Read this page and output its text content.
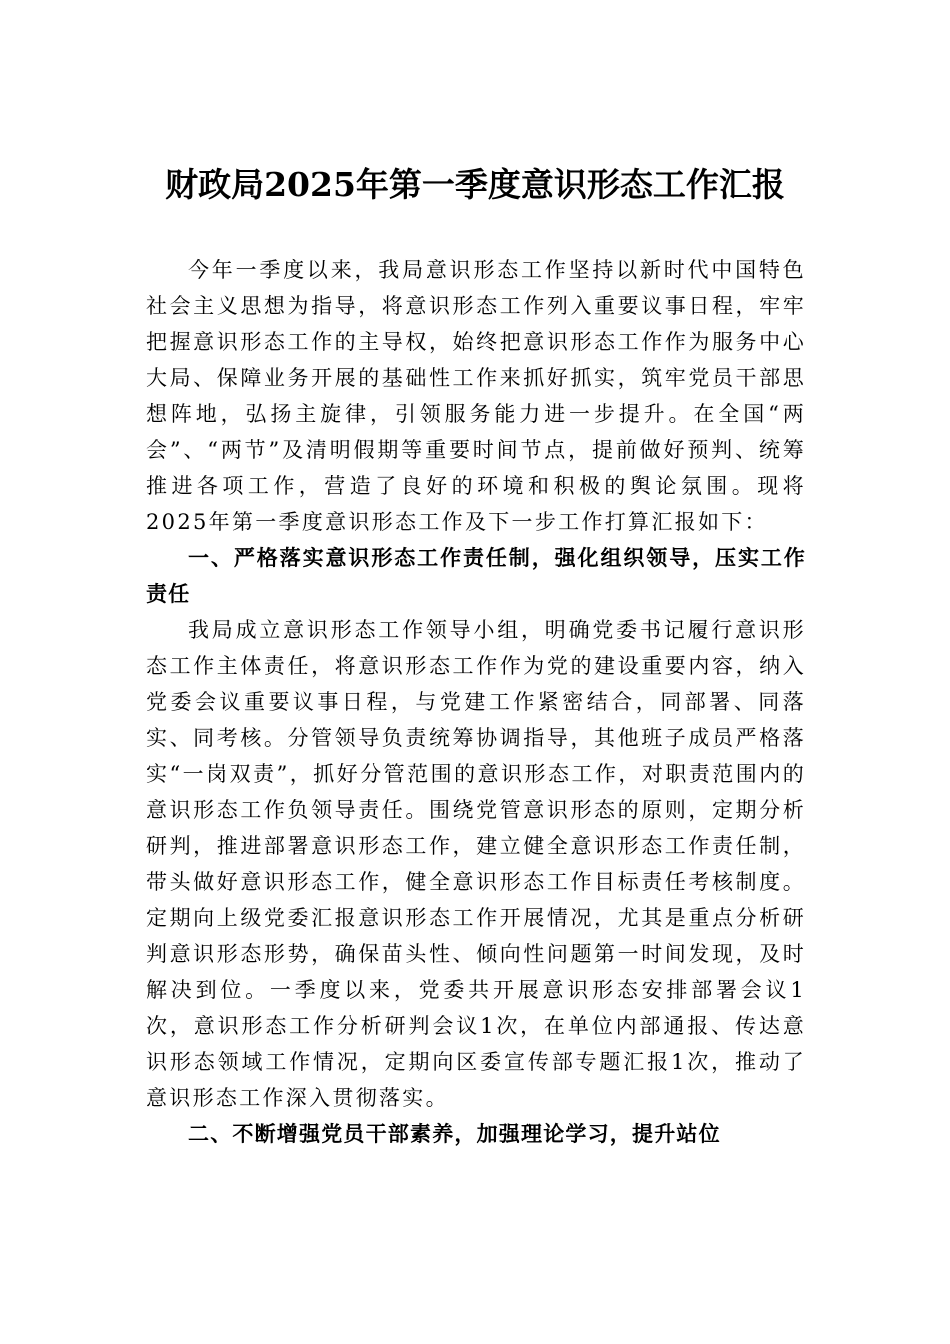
财政局2025年第一季度意识形态工作汇报

今年一季度以来，我局意识形态工作坚持以新时代中国特色社会主义思想为指导，将意识形态工作列入重要议事日程，牢牢把握意识形态工作的主导权，始终把意识形态工作作为服务中心大局、保障业务开展的基础性工作来抓好抓实，筑牢党员干部思想阵地，弘扬主旋律，引领服务能力进一步提升。在全国“两会”、“两节”及清明假期等重要时间节点，提前做好预判、统筹推进各项工作，营造了良好的环境和积极的舆论氛围。现将2025年第一季度意识形态工作及下一步工作打算汇报如下：

一、严格落实意识形态工作责任制，强化组织领导，压实工作责任

我局成立意识形态工作领导小组，明确党委书记履行意识形态工作主体责任，将意识形态工作作为党的建设重要内容，纳入党委会议重要议事日程，与党建工作紧密结合，同部署、同落实、同考核。分管领导负责统筹协调指导，其他班子成员严格落实“一岗双责”，抓好分管范围的意识形态工作，对职责范围内的意识形态工作负领导责任。围绕党管意识形态的原则，定期分析研判，推进部署意识形态工作，建立健全意识形态工作责任制，带头做好意识形态工作，健全意识形态工作目标责任考核制度。定期向上级党委汇报意识形态工作开展情况，尤其是重点分析研判意识形态形势，确保苗头性、倾向性问题第一时间发现，及时解决到位。一季度以来，党委共开展意识形态安排部署会议1次，意识形态工作分析研判会议1次，在单位内部通报、传达意识形态领域工作情况，定期向区委宣传部专题汇报1次，推动了意识形态工作深入贯彻落实。

二、不断增强党员干部素养，加强理论学习，提升站位
